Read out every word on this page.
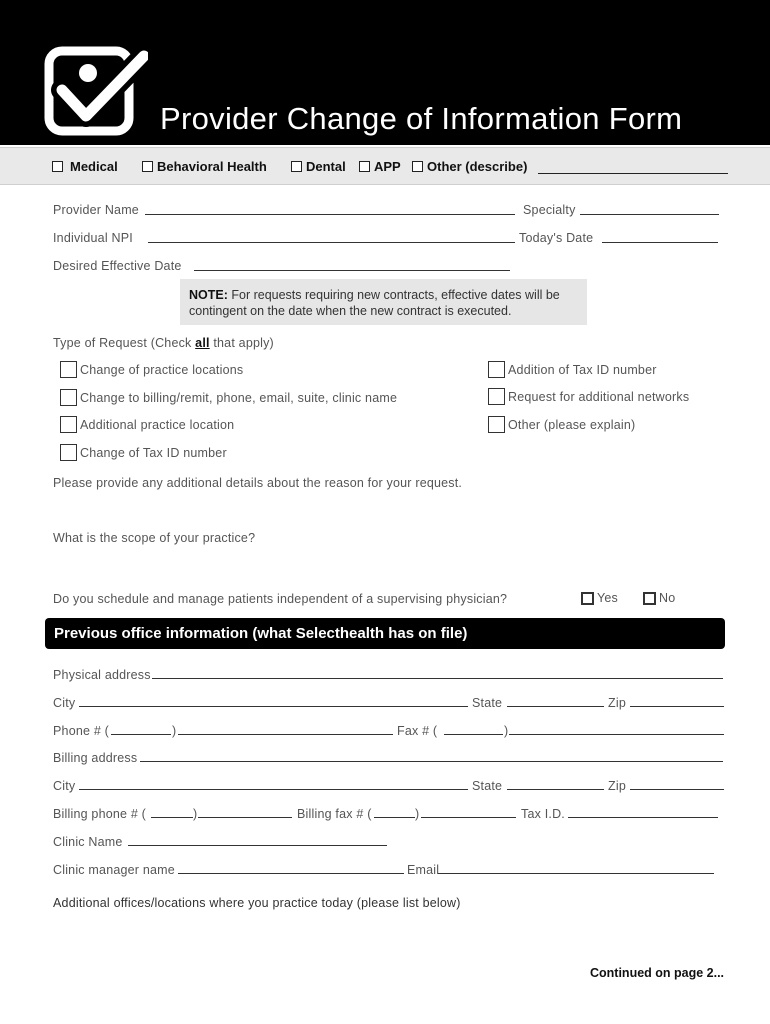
Provider Change of Information Form
Medical	Behavioral Health	Dental APP Other (describe)
Provider Name	Specialty
Individual NPI	Today's Date
Desired Effective Date
NOTE: For requests requiring new contracts, effective dates will be contingent on the date when the new contract is executed.
Type of Request (Check all that apply)
Change of practice locations
Change to billing/remit, phone, email, suite, clinic name
Additional practice location
Change of Tax ID number
Addition of Tax ID number
Request for additional networks
Other (please explain)
Please provide any additional details about the reason for your request.
What is the scope of your practice?
Do you schedule and manage patients independent of a supervising physician?	Yes	No
Previous office information (what Selecthealth has on file)
Physical address
City	State	Zip
Phone # (	)	Fax # (	)
Billing address
City	State	Zip
Billing phone # (	)	Billing fax # (	)	Tax I.D.
Clinic Name
Clinic manager name	Email
Additional offices/locations where you practice today (please list below)
Continued on page 2...
